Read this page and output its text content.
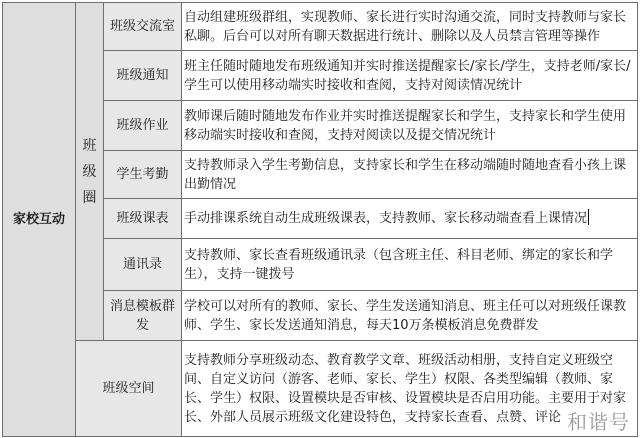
家校互动	班级圈	班级交流室	自动组建班级群组，实现教师、家长进行实时沟通交流，同时支持教师与家长私聊。后台可以对所有聊天数据进行统计、删除以及人员禁言管理等操作

		班级通知	班主任随时随地发布班级通知并实时推送提醒家长/家长/学生，支持老师/家长/学生可以使用移动端实时接收和查阅，支持对阅读情况统计

		班级作业	教师课后随时随地发布作业并实时推送提醒家长和学生，支持家长和学生使用移动端实时接收和查阅，支持对阅读以及提交情况统计

		学生考勤	支持教师录入学生考勤信息，支持家长和学生在移动端随时随地查看小孩上课出勤情况

		班级课表	手动排课系统自动生成班级课表，支持教师、家长移动端查看上课情况
		通讯录	支持教师、家长查看班级通讯录（包含班主任、科目老师、绑定的家长和学生），支持一键拨号

		消息模板群发	学校可以对所有的教师、家长、学生发送通知消息、班主任可以对班级任课教师、学生、家长发送通知消息，每天10万条模板消息免费群发

	班级空间		支持教师分享班级动态、教育教学文章、班级活动相册，支持自定义班级空间、自定义访问（游客、老师、家长、学生）权限、各类型编辑（教师、家长、学生）权限、设置模块是否审核、设置模块是否启用功能。主要用于对家长、外部人员展示班级文化建设特色，支持家长查看、点赞、评论 和谐号
